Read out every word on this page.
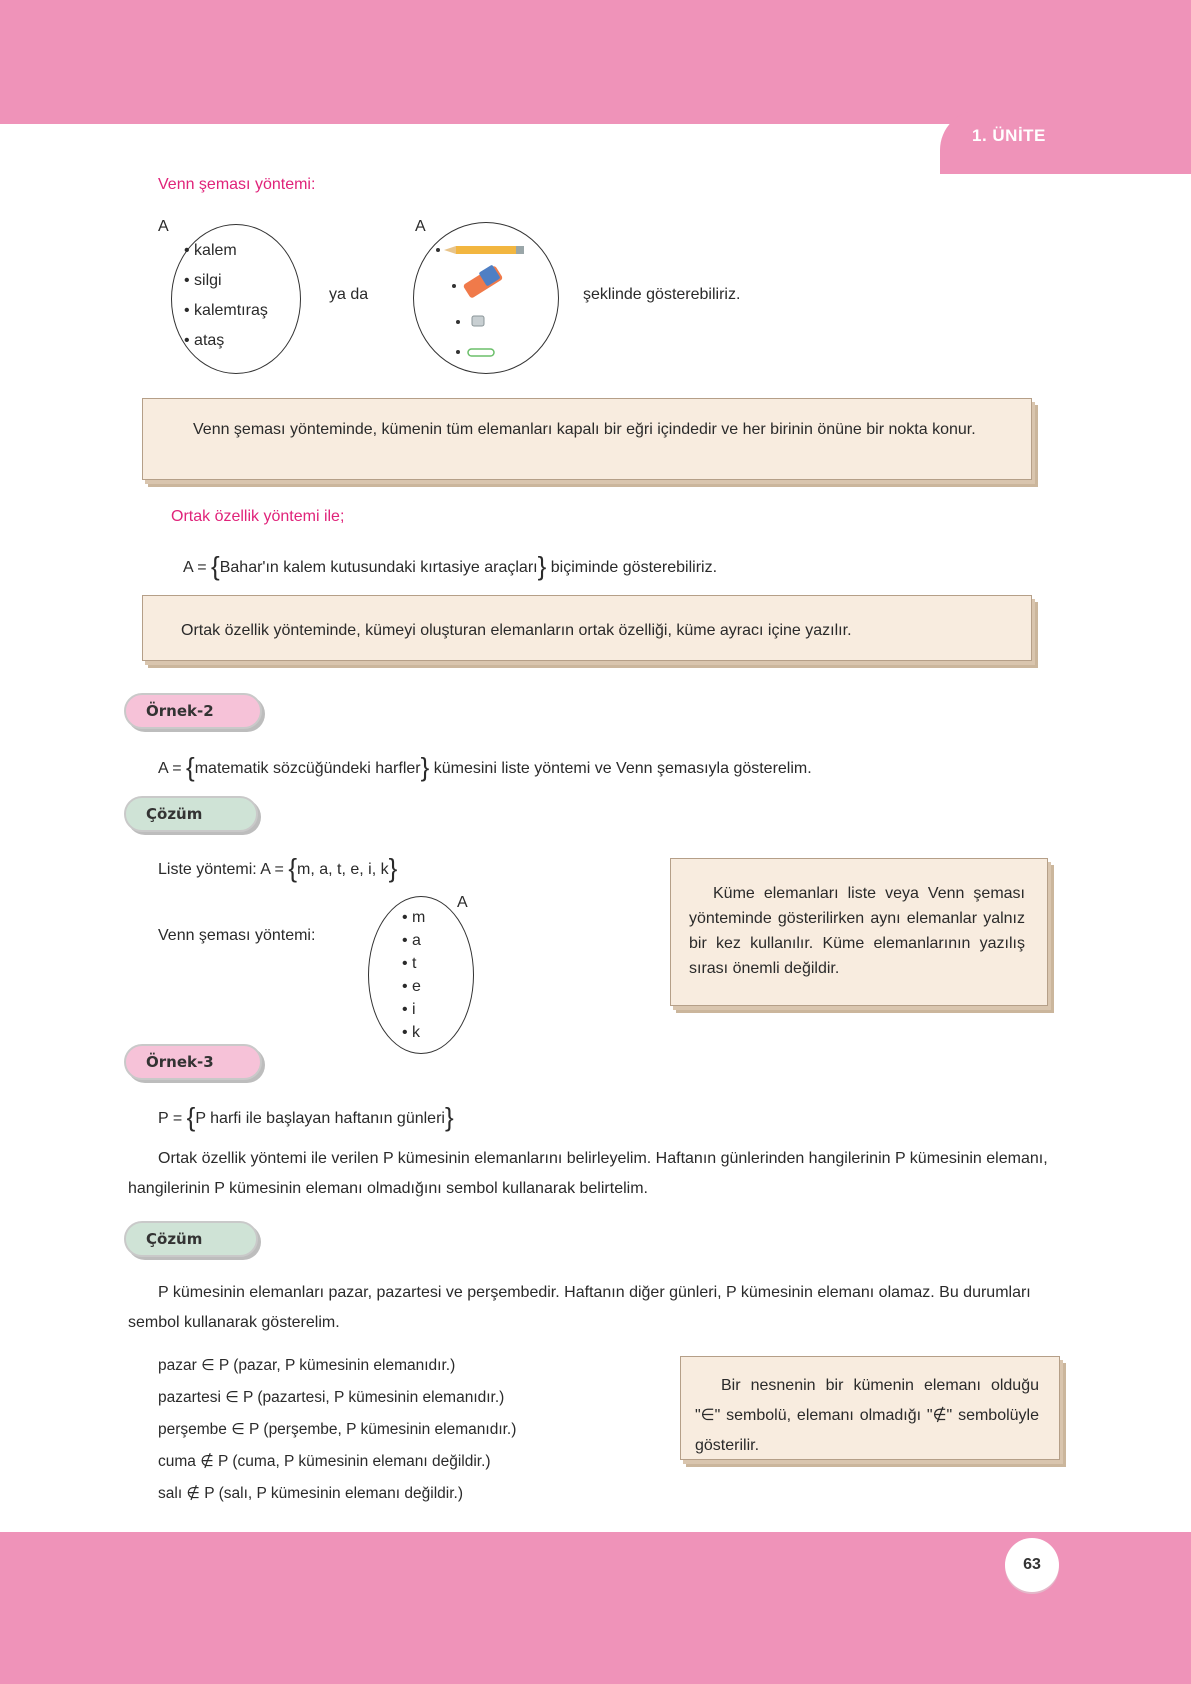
1. ÜNİTE
Venn şeması yöntemi:
A
• kalem
• silgi
• kalemtıraş
• ataş
ya da
A
şeklinde gösterebiliriz.
Venn şeması yönteminde, kümenin tüm elemanları kapalı bir eğri içindedir ve her birinin önüne bir nokta konur.
Ortak özellik yöntemi ile;
A = {Bahar'ın kalem kutusundaki kırtasiye araçları} biçiminde gösterebiliriz.
Ortak özellik yönteminde, kümeyi oluşturan elemanların ortak özelliği, küme ayracı içine yazılır.
Örnek-2
A = {matematik sözcüğündeki harfler} kümesini liste yöntemi ve Venn şemasıyla gösterelim.
Çözüm
Liste yöntemi: A = {m, a, t, e, i, k}
Venn şeması yöntemi:
A
• m
• a
• t
• e
• i
• k
Küme elemanları liste veya Venn şeması yönteminde gösterilirken aynı elemanlar yalnız bir kez kullanılır. Küme elemanlarının yazılış sırası önemli değildir.
Örnek-3
P = {P harfi ile başlayan haftanın günleri}
Ortak özellik yöntemi ile verilen P kümesinin elemanlarını belirleyelim. Haftanın günlerinden hangilerinin P kümesinin elemanı, hangilerinin P kümesinin elemanı olmadığını sembol kullanarak belirtelim.
Çözüm
P kümesinin elemanları pazar, pazartesi ve perşembedir. Haftanın diğer günleri, P kümesinin elemanı olamaz. Bu durumları sembol kullanarak gösterelim.
pazar ∈ P (pazar, P kümesinin elemanıdır.)
pazartesi ∈ P (pazartesi, P kümesinin elemanıdır.)
perşembe ∈ P (perşembe, P kümesinin elemanıdır.)
cuma ∉ P (cuma, P kümesinin elemanı değildir.)
salı ∉ P (salı, P kümesinin elemanı değildir.)
Bir nesnenin bir kümenin elemanı olduğu "∈" sembolü, elemanı olmadığı "∉" sembolüyle gösterilir.
63
